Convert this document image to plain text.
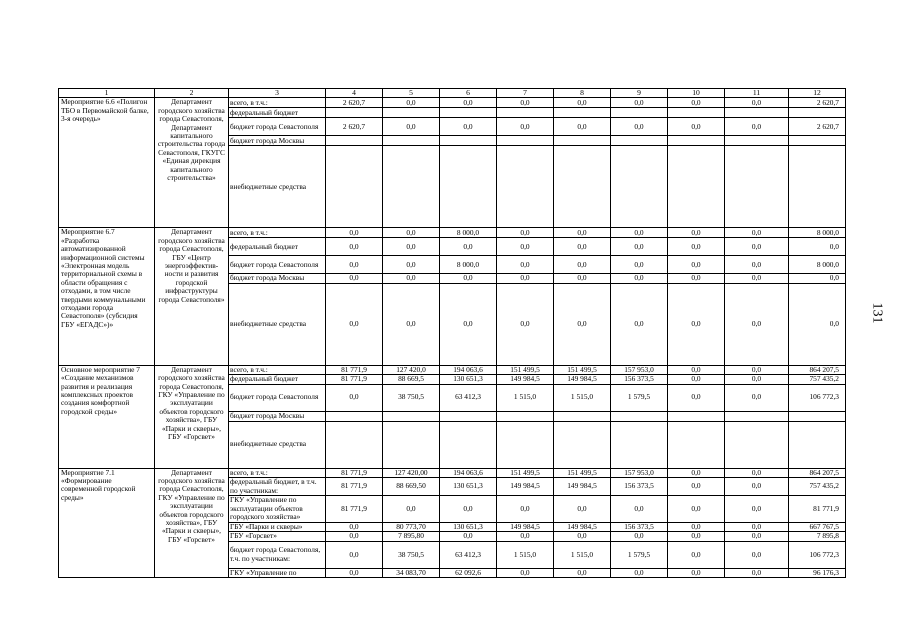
1	2	3	4	5	6	7	8	9	10	11	12
Мероприятие 6.6 «Полигон ТБО в Первомайской балке, 3-я очередь»	Департамент городского хозяйства города Севастополя, Департамент капитального строительства города Севастополя, ГКУГС «Единая дирекция капитального строительства»	всего, в т.ч.:	2 620,7	0,0	0,0	0,0	0,0	0,0	0,0	0,0	2 620,7
		федеральный бюджет									
		бюджет города Севастополя	2 620,7	0,0	0,0	0,0	0,0	0,0	0,0	0,0	2 620,7
		бюджет города Москвы									
		внебюджетные средства									
Мероприятие 6.7 «Разработка автоматизированной информационной системы «Электронная модель территориальной схемы в области обращения с отходами, в том числе твердыми коммунальными отходами города Севастополя» (субсидия ГБУ «ЕГАДС»)»	Департамент городского хозяйства города Севастополя, ГБУ «Центр энергоэффектив-ности и развития городской инфраструктуры города Севастополя»	всего, в т.ч.:	0,0	0,0	8 000,0	0,0	0,0	0,0	0,0	0,0	8 000,0
		федеральный бюджет	0,0	0,0	0,0	0,0	0,0	0,0	0,0	0,0	0,0
		бюджет города Севастополя	0,0	0,0	8 000,0	0,0	0,0	0,0	0,0	0,0	8 000,0
		бюджет города Москвы	0,0	0,0	0,0	0,0	0,0	0,0	0,0	0,0	0,0
		внебюджетные средства	0,0	0,0	0,0	0,0	0,0	0,0	0,0	0,0	0,0
Основное мероприятие 7 «Создание механизмов развития и реализация комплексных проектов создания комфортной городской среды»	Департамент городского хозяйства города Севастополя, ГКУ «Управление по эксплуатации объектов городского хозяйства», ГБУ «Парки и скверы», ГБУ «Горсвет»	всего, в т.ч.:	81 771,9	127 420,0	194 063,6	151 499,5	151 499,5	157 953,0	0,0	0,0	864 207,5
		федеральный бюджет	81 771,9	88 669,5	130 651,3	149 984,5	149 984,5	156 373,5	0,0	0,0	757 435,2
		бюджет города Севастополя	0,0	38 750,5	63 412,3	1 515,0	1 515,0	1 579,5	0,0	0,0	106 772,3
		бюджет города Москвы									
		внебюджетные средства									
Мероприятие 7.1 «Формирование современной городской среды»	Департамент городского хозяйства города Севастополя, ГКУ «Управление по эксплуатации объектов городского хозяйства», ГБУ «Парки и скверы», ГБУ «Горсвет»	всего, в т.ч.:	81 771,9	127 420,00	194 063,6	151 499,5	151 499,5	157 953,0	0,0	0,0	864 207,5
		федеральный бюджет, в т.ч. по участникам:	81 771,9	88 669,50	130 651,3	149 984,5	149 984,5	156 373,5	0,0	0,0	757 435,2
		ГКУ «Управление по эксплуатации объектов городского хозяйства»	81 771,9	0,0	0,0	0,0	0,0	0,0	0,0	0,0	81 771,9
		ГБУ «Парки и скверы»	0,0	80 773,70	130 651,3	149 984,5	149 984,5	156 373,5	0,0	0,0	667 767,5
		ГБУ «Горсвет»	0,0	7 895,80	0,0	0,0	0,0	0,0	0,0	0,0	7 895,8
		бюджет города Севастополя, т.ч. по участникам:	0,0	38 750,5	63 412,3	1 515,0	1 515,0	1 579,5	0,0	0,0	106 772,3
		ГКУ «Управление по	0,0	34 083,70	62 092,6	0,0	0,0	0,0	0,0	0,0	96 176,3
131
